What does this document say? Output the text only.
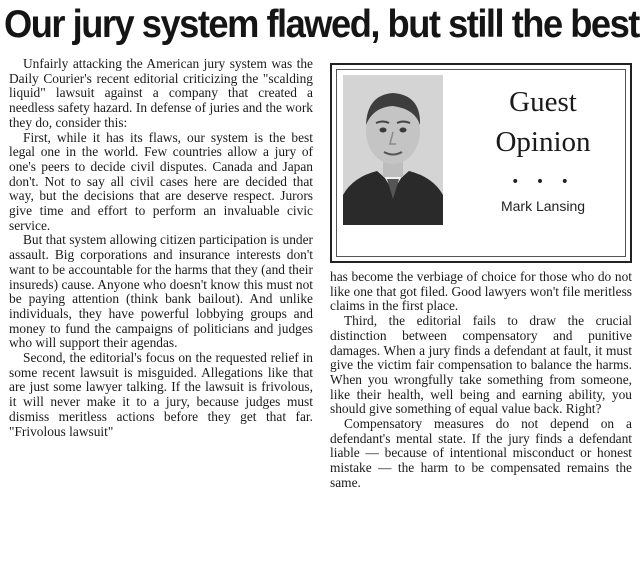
Our jury system flawed, but still the best

Unfairly attacking the American jury system was the Daily Courier's recent editorial criticizing the "scalding liquid" lawsuit against a company that created a needless safety hazard. In defense of juries and the work they do, consider this:

First, while it has its flaws, our system is the best legal one in the world. Few countries allow a jury of one's peers to decide civil disputes. Canada and Japan don't. Not to say all civil cases here are decided that way, but the decisions that are deserve respect. Jurors give time and effort to perform an invaluable civic service.

But that system allowing citizen participation is under assault. Big corporations and insurance interests don't want to be accountable for the harms that they (and their insureds) cause. Anyone who doesn't know this must not be paying attention (think bank bailout). And unlike individuals, they have powerful lobbying groups and money to fund the campaigns of politicians and judges who will support their agendas.

Second, the editorial's focus on the requested relief in some recent lawsuit is misguided. Allegations like that are just some lawyer talking. If the lawsuit is frivolous, it will never make it to a jury, because judges must dismiss meritless actions before they get that far. "Frivolous lawsuit"

Guest
Opinion
• • •
Mark Lansing

has become the verbiage of choice for those who do not like one that got filed. Good lawyers won't file meritless claims in the first place.

Third, the editorial fails to draw the crucial distinction between compensatory and punitive damages. When a jury finds a defendant at fault, it must give the victim fair compensation to balance the harms. When you wrongfully take something from someone, like their health, well being and earning ability, you should give something of equal value back. Right?

Compensatory measures do not depend on a defendant's mental state. If the jury finds a defendant liable — because of intentional misconduct or honest mistake — the harm to be compensated remains the same.
